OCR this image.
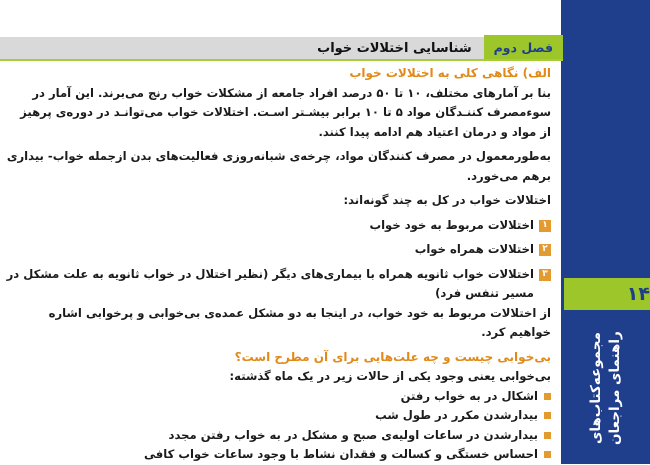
۱۴
مجموعه‌کتاب‌های راهنمای مراجعان
فصل دوم
شناسایی اختلالات خواب

الف) نگاهی کلی به اختلالات خواب

بنا بر آمارهای مختلف، ۱۰ تا ۵۰ درصد افراد جامعه از مشکلات خواب رنج می‌برند. این آمار در سوءمصرف کننـدگان مواد ۵ تا ۱۰ برابر بیشـتر اسـت. اختلالات خواب می‌توانـد در دوره‌ی پرهیز از مواد و درمان اعتیاد هم ادامه پیدا کنند.

به‌طورمعمول در مصرف کنندگان مواد، چرخه‌ی شبانه‌روزی فعالیت‌های بدن ازجمله خواب- بیداری برهم می‌خورد.

اختلالات خواب در کل به چند گونه‌اند:

۱
اختلالات مربوط به خود خواب
۲
اختلالات همراه خواب
۳
اختلالات خواب ثانویه همراه با بیماری‌های دیگر (نظیر اختلال در خواب ثانویه به علت مشکل در مسیر تنفس فرد)

از اختلالات مربوط به خود خواب، در اینجا به دو مشکل عمده‌ی بی‌خوابی و پرخوابی اشاره خواهیم کرد.

بی‌خوابی چیست و چه علت‌هایی برای آن مطرح است؟

بی‌خوابی یعنی وجود یکی از حالات زیر در یک ماه گذشته:

اشکال در به خواب رفتن
بیدارشدن مکرر در طول شب
بیدارشدن در ساعات اولیه‌ی صبح و مشکل در به خواب رفتن مجدد
احساس خستگی و کسالت و فقدان نشاط با وجود ساعات خواب کافی
